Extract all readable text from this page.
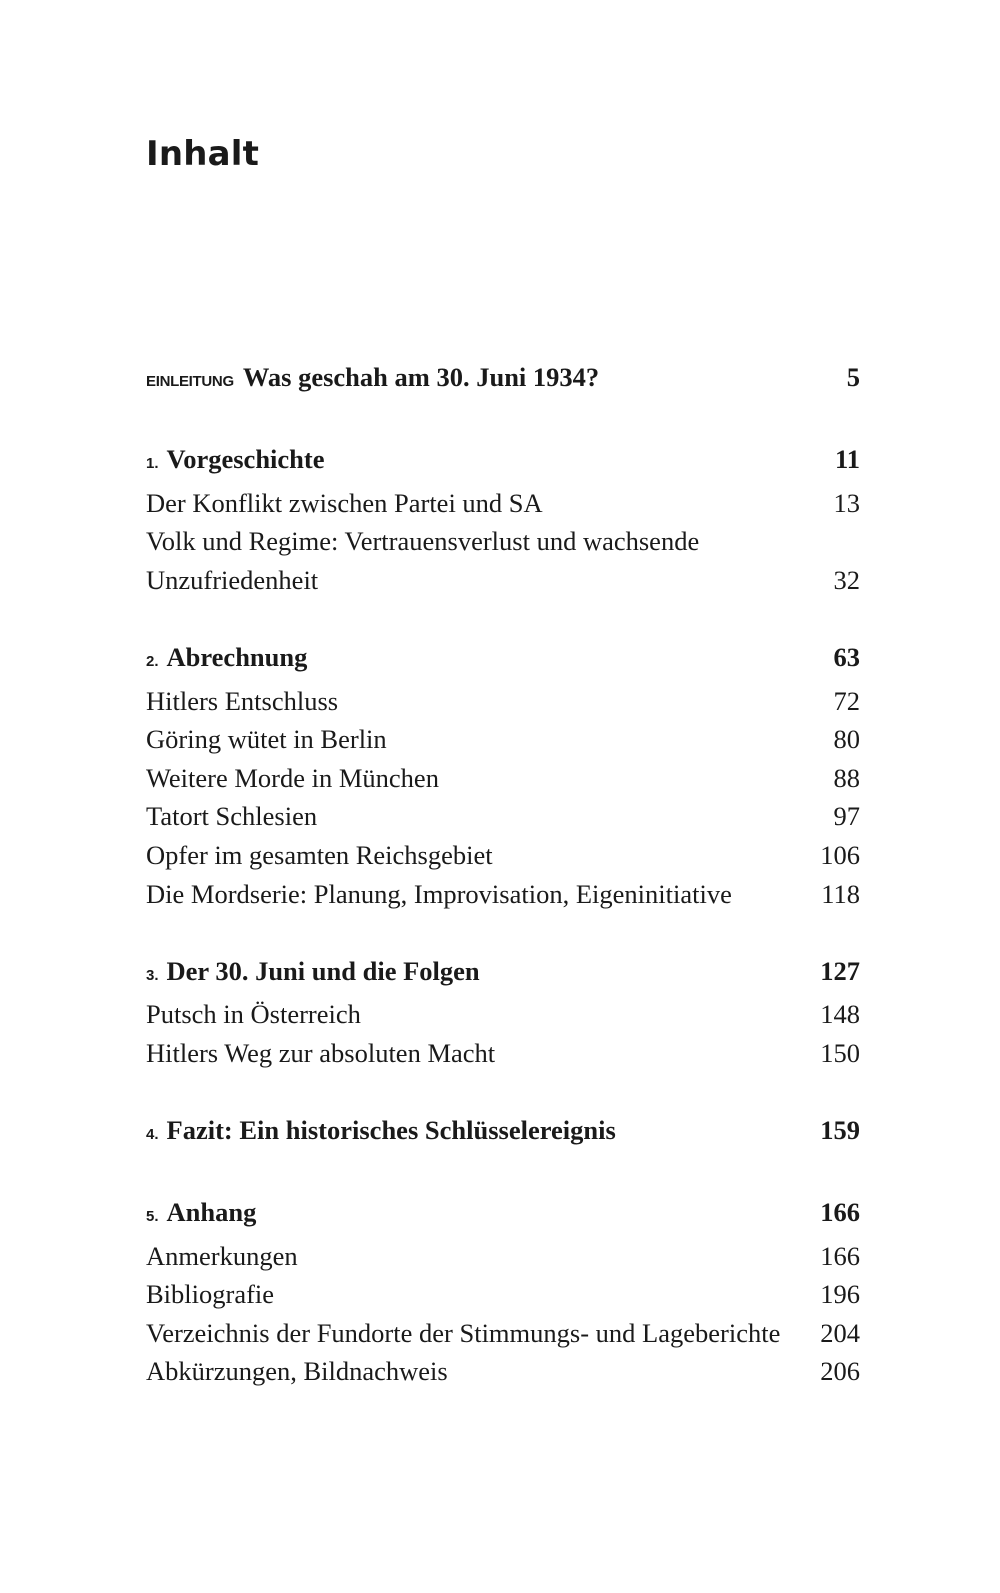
Inhalt
EINLEITUNG Was geschah am 30. Juni 1934?	5
1. Vorgeschichte	11
Der Konflikt zwischen Partei und SA	13
Volk und Regime: Vertrauensverlust und wachsende
Unzufriedenheit	32
2. Abrechnung	63
Hitlers Entschluss	72
Göring wütet in Berlin	80
Weitere Morde in München	88
Tatort Schlesien	97
Opfer im gesamten Reichsgebiet	106
Die Mordserie: Planung, Improvisation, Eigeninitiative	118
3. Der 30. Juni und die Folgen	127
Putsch in Österreich	148
Hitlers Weg zur absoluten Macht	150
4. Fazit: Ein historisches Schlüsselereignis	159
5. Anhang	166
Anmerkungen	166
Bibliografie	196
Verzeichnis der Fundorte der Stimmungs- und Lageberichte 204
Abkürzungen, Bildnachweis	206
